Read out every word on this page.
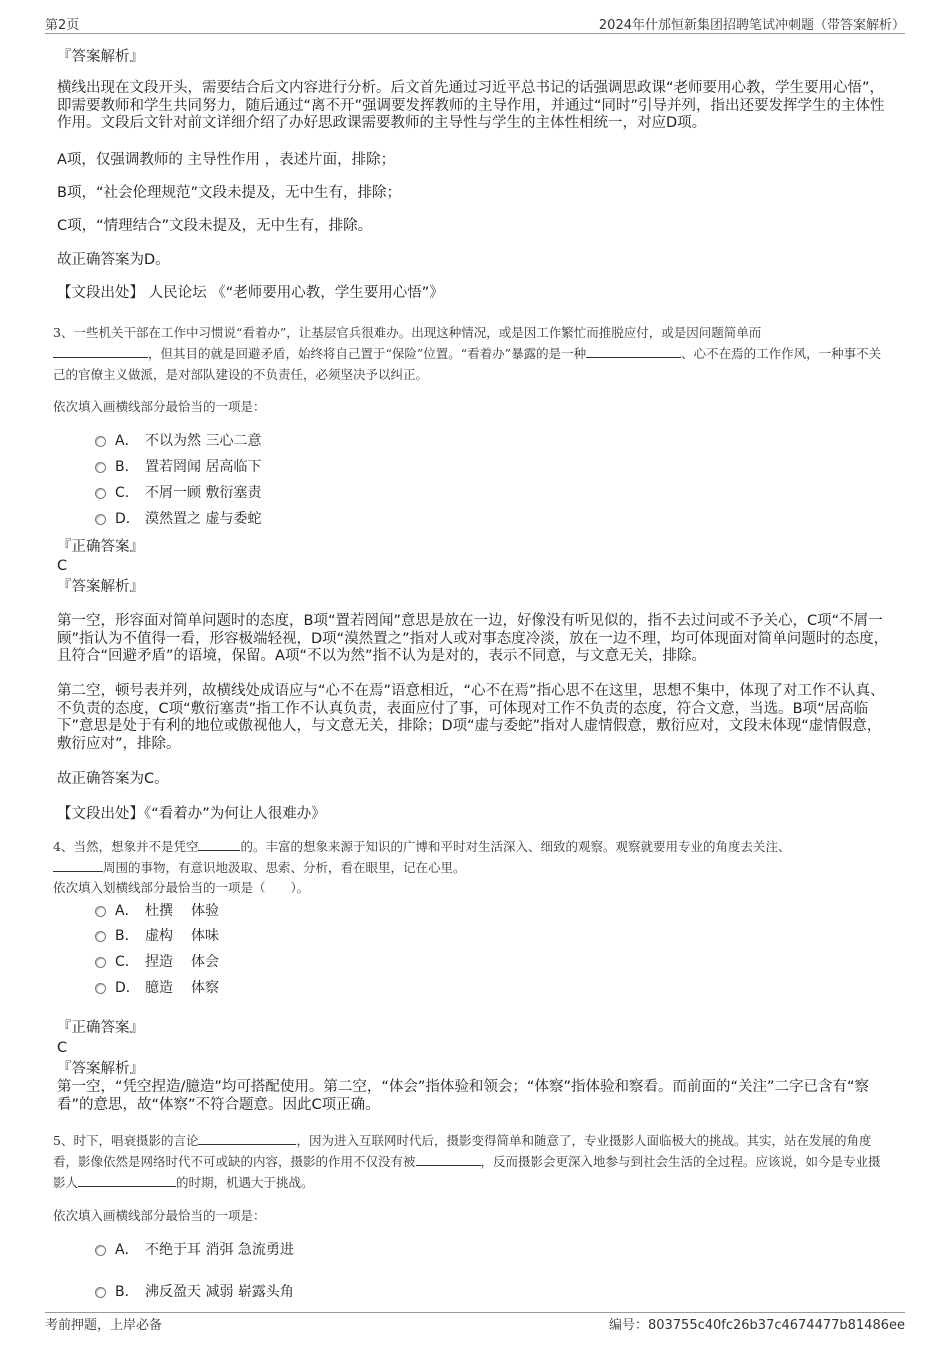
第2页	2024年什邡恒新集团招聘笔试冲刺题（带答案解析）
『答案解析』
横线出现在文段开头，需要结合后文内容进行分析。后文首先通过习近平总书记的话强调思政课“老师要用心教，学生要用心悟”，即需要教师和学生共同努力，随后通过“离不开”强调要发挥教师的主导作用，并通过“同时”引导并列，指出还要发挥学生的主体性作用。文段后文针对前文详细介绍了办好思政课需要教师的主导性与学生的主体性相统一，对应D项。
A项，仅强调教师的 主导性作用 ，表述片面，排除；
B项，“社会伦理规范”文段未提及，无中生有，排除；
C项，“情理结合”文段未提及，无中生有，排除。
故正确答案为D。
【文段出处】 人民论坛 《“老师要用心教，学生要用心悟”》
3、一些机关干部在工作中习惯说“看着办”，让基层官兵很难办。出现这种情况，或是因工作繁忙而推脱应付，或是因问题简单而
，但其目的就是回避矛盾，始终将自己置于“保险”位置。“看着办”暴露的是一种	、心不在焉的工作作风，一种事不关己的官僚主义做派，是对部队建设的不负责任，必须坚决予以纠正。
依次填入画横线部分最恰当的一项是：
A． 不以为然 三心二意
B． 置若罔闻 居高临下
C． 不屑一顾 敷衍塞责
D． 漠然置之 虚与委蛇
『正确答案』
C
『答案解析』
第一空，形容面对简单问题时的态度，B项“置若罔闻”意思是放在一边，好像没有听见似的，指不去过问或不予关心，C项“不屑一顾”指认为不值得一看，形容极端轻视，D项“漠然置之”指对人或对事态度冷淡，放在一边不理，均可体现面对简单问题时的态度，且符合“回避矛盾”的语境，保留。A项“不以为然”指不认为是对的，表示不同意，与文意无关，排除。
第二空，顿号表并列，故横线处成语应与“心不在焉”语意相近，“心不在焉”指心思不在这里，思想不集中，体现了对工作不认真、不负责的态度，C项“敷衍塞责”指工作不认真负责，表面应付了事，可体现对工作不负责的态度，符合文意，当选。B项“居高临下”意思是处于有利的地位或傲视他人，与文意无关，排除；D项“虚与委蛇”指对人虚情假意，敷衍应对，文段未体现“虚情假意，敷衍应对”，排除。
故正确答案为C。
【文段出处】《“看着办”为何让人很难办》
4、当然，想象并不是凭空	的。丰富的想象来源于知识的广博和平时对生活深入、细致的观察。观察就要用专业的角度去关注、
周围的事物，有意识地汲取、思索、分析，看在眼里，记在心里。
依次填入划横线部分最恰当的一项是（　　）。
A． 杜撰 体验
B． 虚构 体味
C． 捏造 体会
D． 臆造 体察
『正确答案』
C
『答案解析』
第一空，“凭空捏造/臆造”均可搭配使用。第二空，“体会”指体验和领会；“体察”指体验和察看。而前面的“关注”二字已含有“察看”的意思，故“体察”不符合题意。因此C项正确。
5、时下，唱衰摄影的言论	，因为进入互联网时代后，摄影变得简单和随意了，专业摄影人面临极大的挑战。其实，站在发展的角度看，影像依然是网络时代不可或缺的内容，摄影的作用不仅没有被	，反而摄影会更深入地参与到社会生活的全过程。应该说，如今是专业摄影人	的时期，机遇大于挑战。
依次填入画横线部分最恰当的一项是：
A． 不绝于耳 消弭 急流勇进
B． 沸反盈天 减弱 崭露头角
考前押题，上岸必备	编号：803755c40fc26b37c4674477b81486ee
